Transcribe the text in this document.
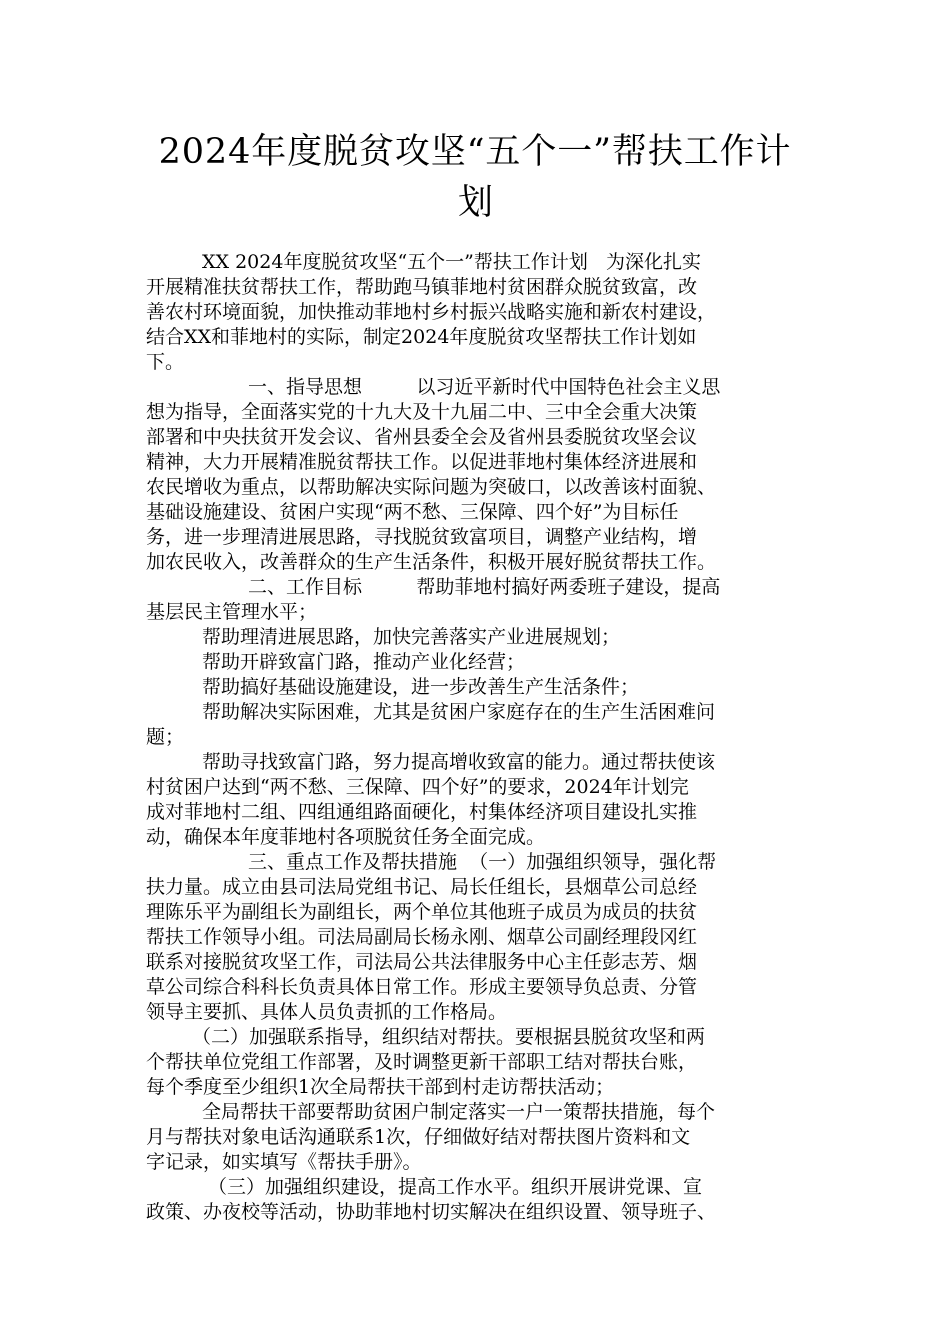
2024年度脱贫攻坚“五个一”帮扶工作计
划
XX 2024年度脱贫攻坚“五个一”帮扶工作计划   为深化扎实
开展精准扶贫帮扶工作，帮助跑马镇菲地村贫困群众脱贫致富，改
善农村环境面貌，加快推动菲地村乡村振兴战略实施和新农村建设，
结合XX和菲地村的实际，制定2024年度脱贫攻坚帮扶工作计划如
下。
一、指导思想         以习近平新时代中国特色社会主义思
想为指导，全面落实党的十九大及十九届二中、三中全会重大决策
部署和中央扶贫开发会议、省州县委全会及省州县委脱贫攻坚会议
精神，大力开展精准脱贫帮扶工作。以促进菲地村集体经济进展和
农民增收为重点，以帮助解决实际问题为突破口，以改善该村面貌、
基础设施建设、贫困户实现“两不愁、三保障、四个好”为目标任
务，进一步理清进展思路，寻找脱贫致富项目，调整产业结构，增
加农民收入，改善群众的生产生活条件，积极开展好脱贫帮扶工作。
二、工作目标         帮助菲地村搞好两委班子建设，提高
基层民主管理水平；
帮助理清进展思路，加快完善落实产业进展规划；
帮助开辟致富门路，推动产业化经营；
帮助搞好基础设施建设，进一步改善生产生活条件；
帮助解决实际困难，尤其是贫困户家庭存在的生产生活困难问
题；
帮助寻找致富门路，努力提高增收致富的能力。通过帮扶使该
村贫困户达到“两不愁、三保障、四个好”的要求，2024年计划完
成对菲地村二组、四组通组路面硬化，村集体经济项目建设扎实推
动，确保本年度菲地村各项脱贫任务全面完成。
三、重点工作及帮扶措施  （一）加强组织领导，强化帮
扶力量。成立由县司法局党组书记、局长任组长，县烟草公司总经
理陈乐平为副组长为副组长，两个单位其他班子成员为成员的扶贫
帮扶工作领导小组。司法局副局长杨永刚、烟草公司副经理段冈红
联系对接脱贫攻坚工作，司法局公共法律服务中心主任彭志芳、烟
草公司综合科科长负责具体日常工作。形成主要领导负总责、分管
领导主要抓、具体人员负责抓的工作格局。
（二）加强联系指导，组织结对帮扶。要根据县脱贫攻坚和两
个帮扶单位党组工作部署，及时调整更新干部职工结对帮扶台账，
每个季度至少组织1次全局帮扶干部到村走访帮扶活动；
全局帮扶干部要帮助贫困户制定落实一户一策帮扶措施，每个
月与帮扶对象电话沟通联系1次，仔细做好结对帮扶图片资料和文
字记录，如实填写《帮扶手册》。
（三）加强组织建设，提高工作水平。组织开展讲党课、宣
政策、办夜校等活动，协助菲地村切实解决在组织设置、领导班子、
